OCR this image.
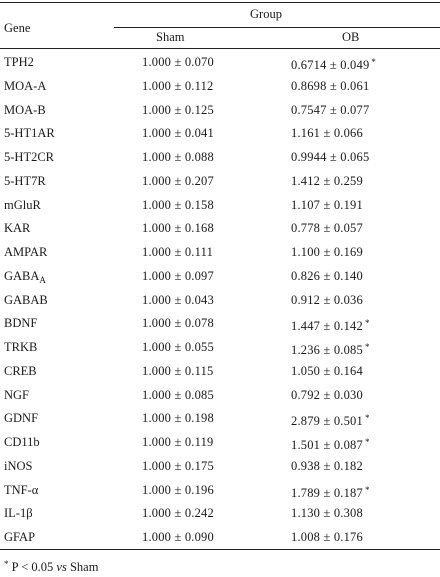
Group
Gene
Sham	OB
TPH2	1.000 ± 0.070	0.6714 ± 0.049 *
MOA-A	1.000 ± 0.112	0.8698 ± 0.061
MOA-B	1.000 ± 0.125	0.7547 ± 0.077
5-HT1AR	1.000 ± 0.041	1.161 ± 0.066
5-HT2CR	1.000 ± 0.088	0.9944 ± 0.065
5-HT7R	1.000 ± 0.207	1.412 ± 0.259
mGluR	1.000 ± 0.158	1.107 ± 0.191
KAR	1.000 ± 0.168	0.778 ± 0.057
AMPAR	1.000 ± 0.111	1.100 ± 0.169
$GABA_A$	1.000 ± 0.097	0.826 ± 0.140
GABAB	1.000 ± 0.043	0.912 ± 0.036
BDNF	1.000 ± 0.078	1.447 ± 0.142 *
TRKB	1.000 ± 0.055	1.236 ± 0.085 *
CREB	1.000 ± 0.115	1.050 ± 0.164
NGF	1.000 ± 0.085	0.792 ± 0.030
GDNF	1.000 ± 0.198	2.879 ± 0.501 *
CD11b	1.000 ± 0.119	1.501 ± 0.087 *
iNOS	1.000 ± 0.175	0.938 ± 0.182
TNF-α	1.000 ± 0.196	1.789 ± 0.187 *
IL-1β	1.000 ± 0.242	1.130 ± 0.308
GFAP	1.000 ± 0.090	1.008 ± 0.176
* P < 0.05 vs Sham
